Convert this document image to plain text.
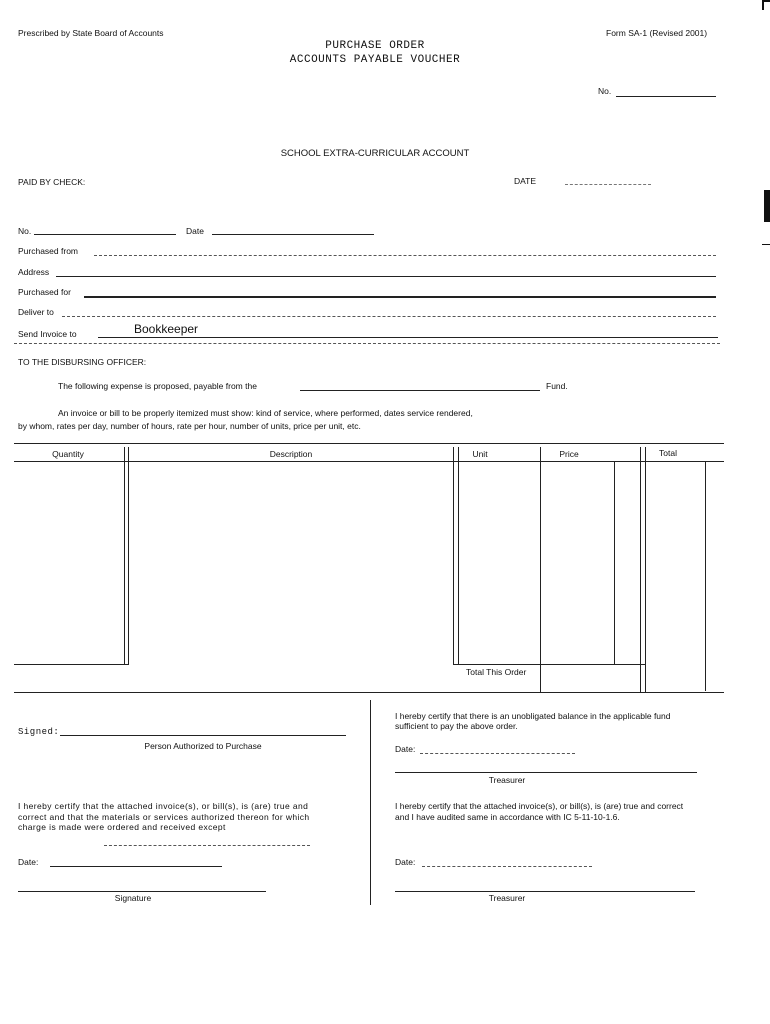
Prescribed by State Board of Accounts	Form SA-1 (Revised 2001)
PURCHASE ORDER
ACCOUNTS PAYABLE VOUCHER
No.
SCHOOL EXTRA-CURRICULAR ACCOUNT
PAID BY CHECK:	DATE
No.	Date
Purchased from
Address
Purchased for
Deliver to
Send Invoice to	Bookkeeper
TO THE DISBURSING OFFICER:
The following expense is proposed, payable from the	Fund.
An invoice or bill to be properly itemized must show: kind of service, where performed, dates service rendered,
by whom, rates per day, number of hours, rate per hour, number of units, price per unit, etc.
Quantity	Description	Unit	Price	Total
Total This Order
Signed:
Person Authorized to Purchase
I hereby certify that there is an unobligated balance in the applicable fund sufficient to pay the above order.
Date:
Treasurer
I hereby certify that the attached invoice(s), or bill(s), is (are) true and correct and that the materials or services authorized thereon for which charge is made were ordered and received except
Date:
Signature
I hereby certify that the attached invoice(s), or bill(s), is (are) true and correct and I have audited same in accordance with IC 5-11-10-1.6.
Date:
Treasurer
